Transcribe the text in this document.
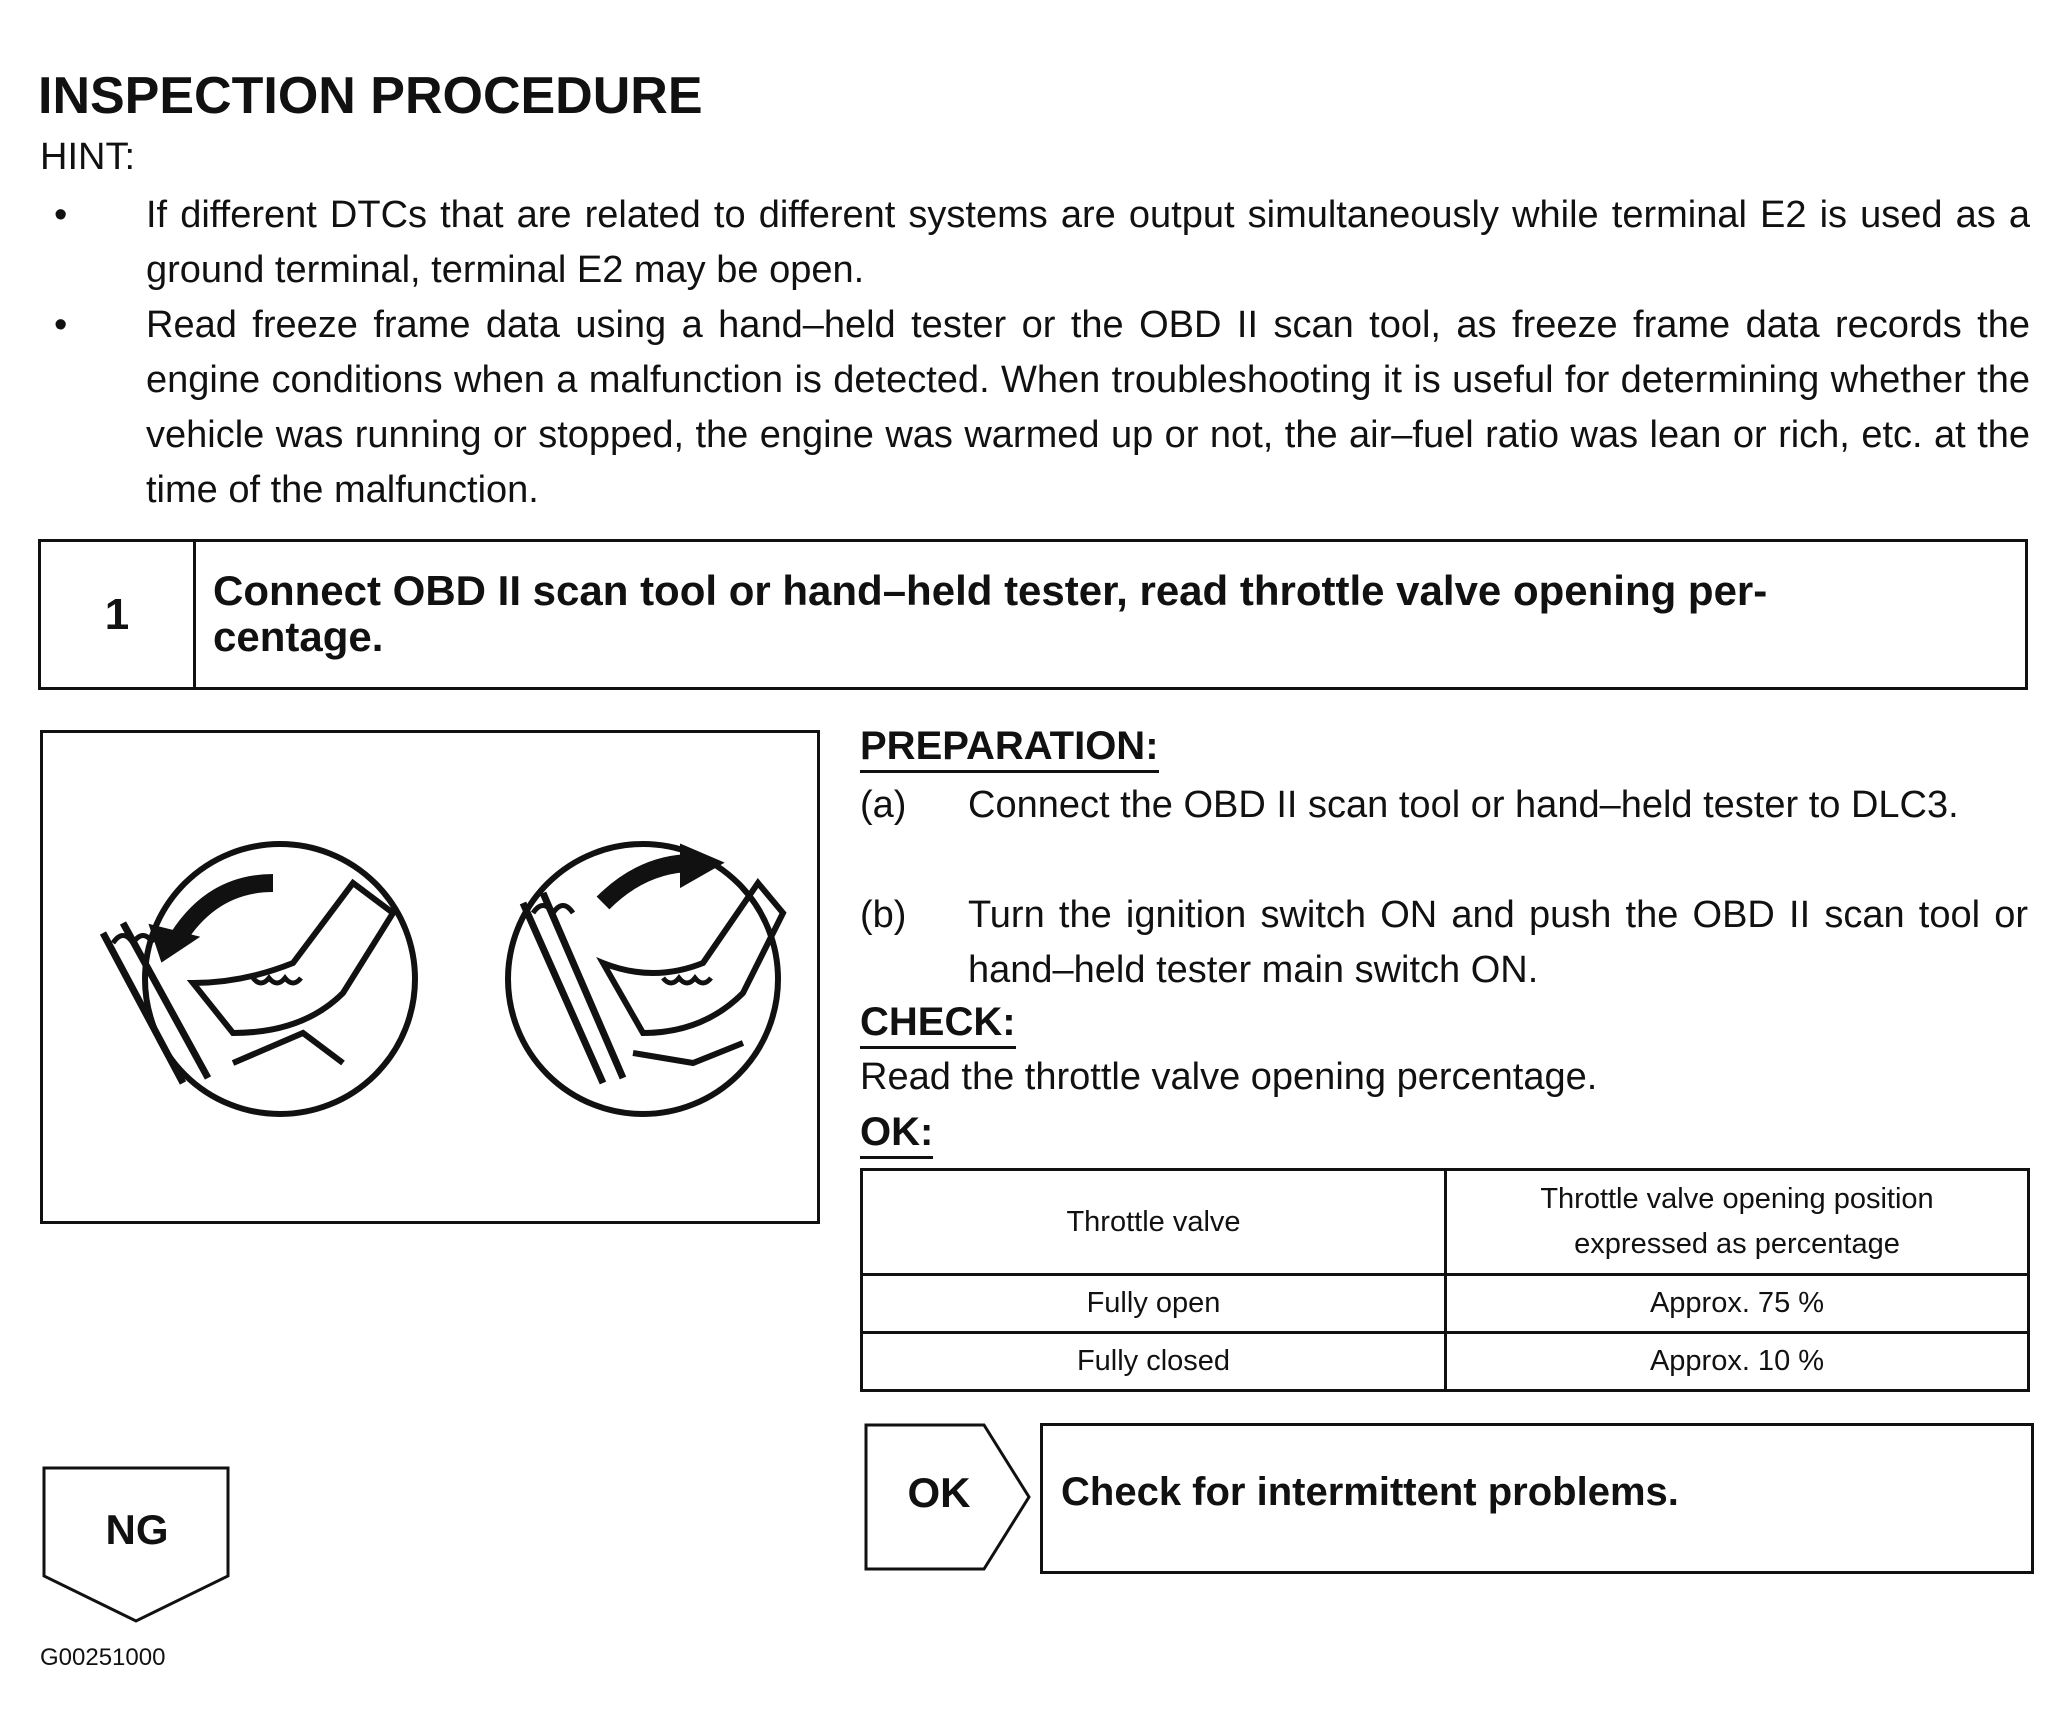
INSPECTION PROCEDURE
HINT:
• If different DTCs that are related to different systems are output simultaneously while terminal E2 is used as a ground terminal, terminal E2 may be open.
• Read freeze frame data using a hand–held tester or the OBD II scan tool, as freeze frame data records the engine conditions when a malfunction is detected. When troubleshooting it is useful for determining whether the vehicle was running or stopped, the engine was warmed up or not, the air–fuel ratio was lean or rich, etc. at the time of the malfunction.
1	Connect OBD II scan tool or hand–held tester, read throttle valve opening per- centage.
PREPARATION:
(a) Connect the OBD II scan tool or hand–held tester to DLC3.
(b) Turn the ignition switch ON and push the OBD II scan tool or hand–held tester main switch ON.
CHECK:
Read the throttle valve opening percentage.
OK:
Throttle valve	Throttle valve opening position expressed as percentage
Fully open	Approx. 75 %
Fully closed	Approx. 10 %
OK	Check for intermittent problems.
NG
G00251000
